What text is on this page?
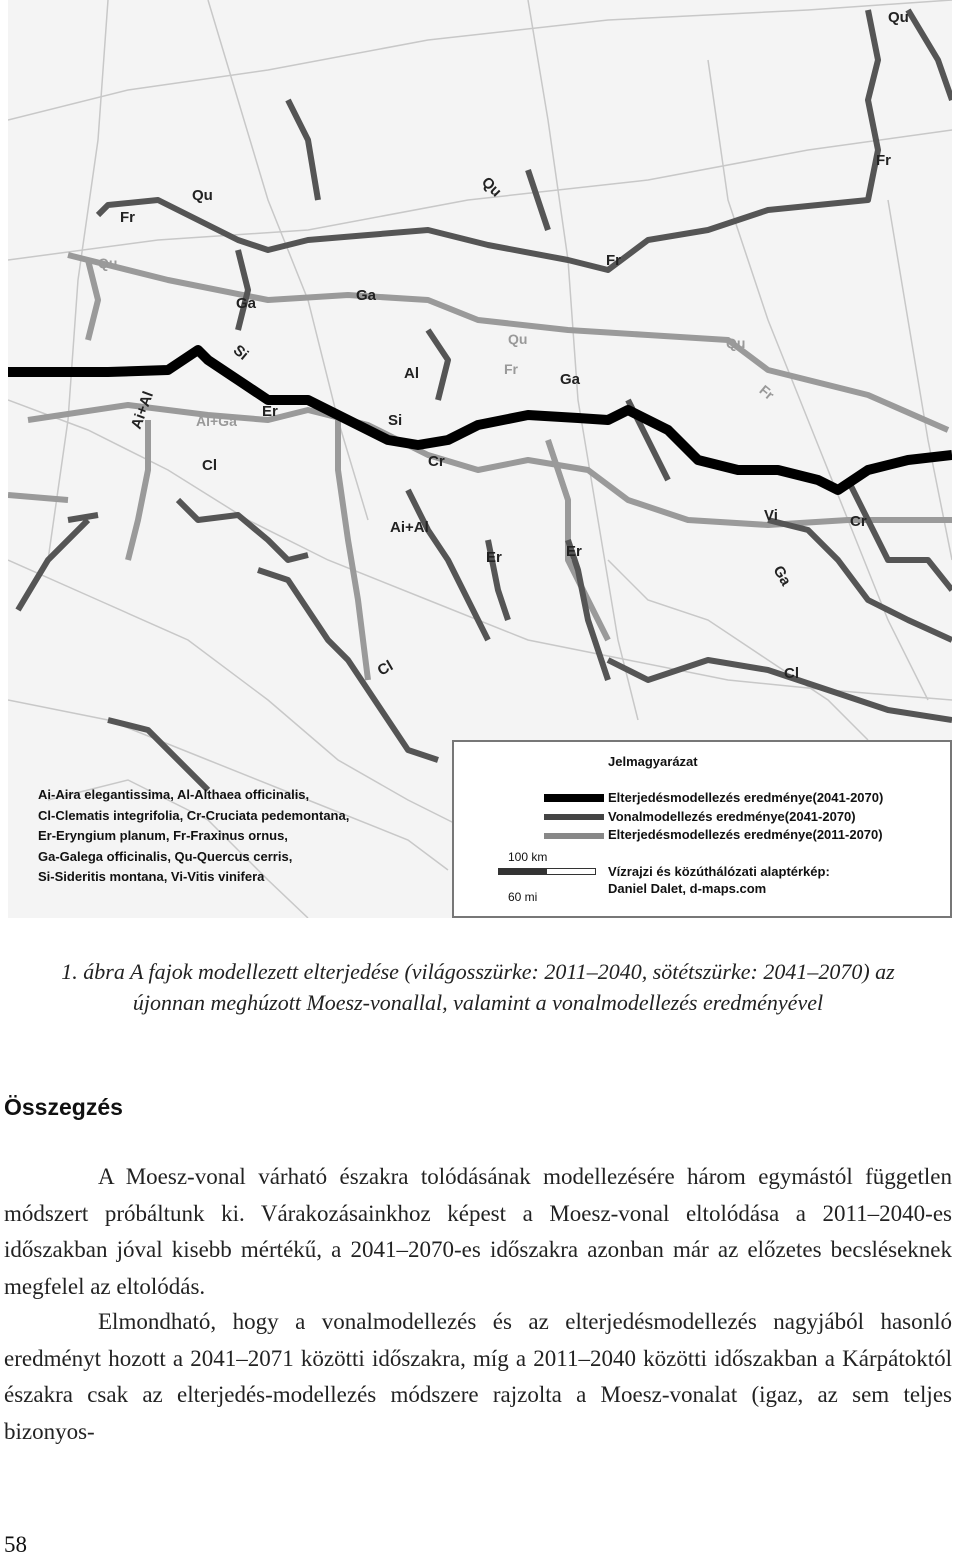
Qu
Fr
Qu
Fr
Qu
Fr
Qu
Ga	Ga
Qu	Qu
Si
Al	Fr
Ga
Fr
Ai+Al	Er
Al+Ga	Si
Cl	Cr
Ai+Al
Er	Er
Vi	Cr
Ga
Cl	Cl
Ai-Aira elegantissima, Al-Althaea officinalis,
Cl-Clematis integrifolia, Cr-Cruciata pedemontana,
Er-Eryngium planum, Fr-Fraxinus ornus,
Ga-Galega officinalis, Qu-Quercus cerris,
Si-Sideritis montana, Vi-Vitis vinifera
Jelmagyarázat
Elterjedésmodellezés eredménye(2041-2070)
Vonalmodellezés eredménye(2041-2070)
Elterjedésmodellezés eredménye(2011-2070)
Vízrajzi és közúthálózati alaptérkép:
Daniel Dalet, d-maps.com
100 km
60 mi
1. ábra A fajok modellezett elterjedése (világosszürke: 2011–2040, sötétszürke: 2041–2070) az újonnan meghúzott Moesz-vonallal, valamint a vonalmodellezés eredményével
Összegzés
A Moesz-vonal várható északra tolódásának modellezésére három egymástól független módszert próbáltunk ki. Várakozásainkhoz képest a Moesz-vonal eltolódása a 2011–2040-es időszakban jóval kisebb mértékű, a 2041–2070-es időszakra azonban már az előzetes becsléseknek megfelel az eltolódás.
Elmondható, hogy a vonalmodellezés és az elterjedésmodellezés nagyjából hasonló eredményt hozott a 2041–2071 közötti időszakra, míg a 2011–2040 közötti időszakban a Kárpátoktól északra csak az elterjedés-modellezés módszere rajzolta a Moesz-vonalat (igaz, az sem teljes bizonyos-
58
